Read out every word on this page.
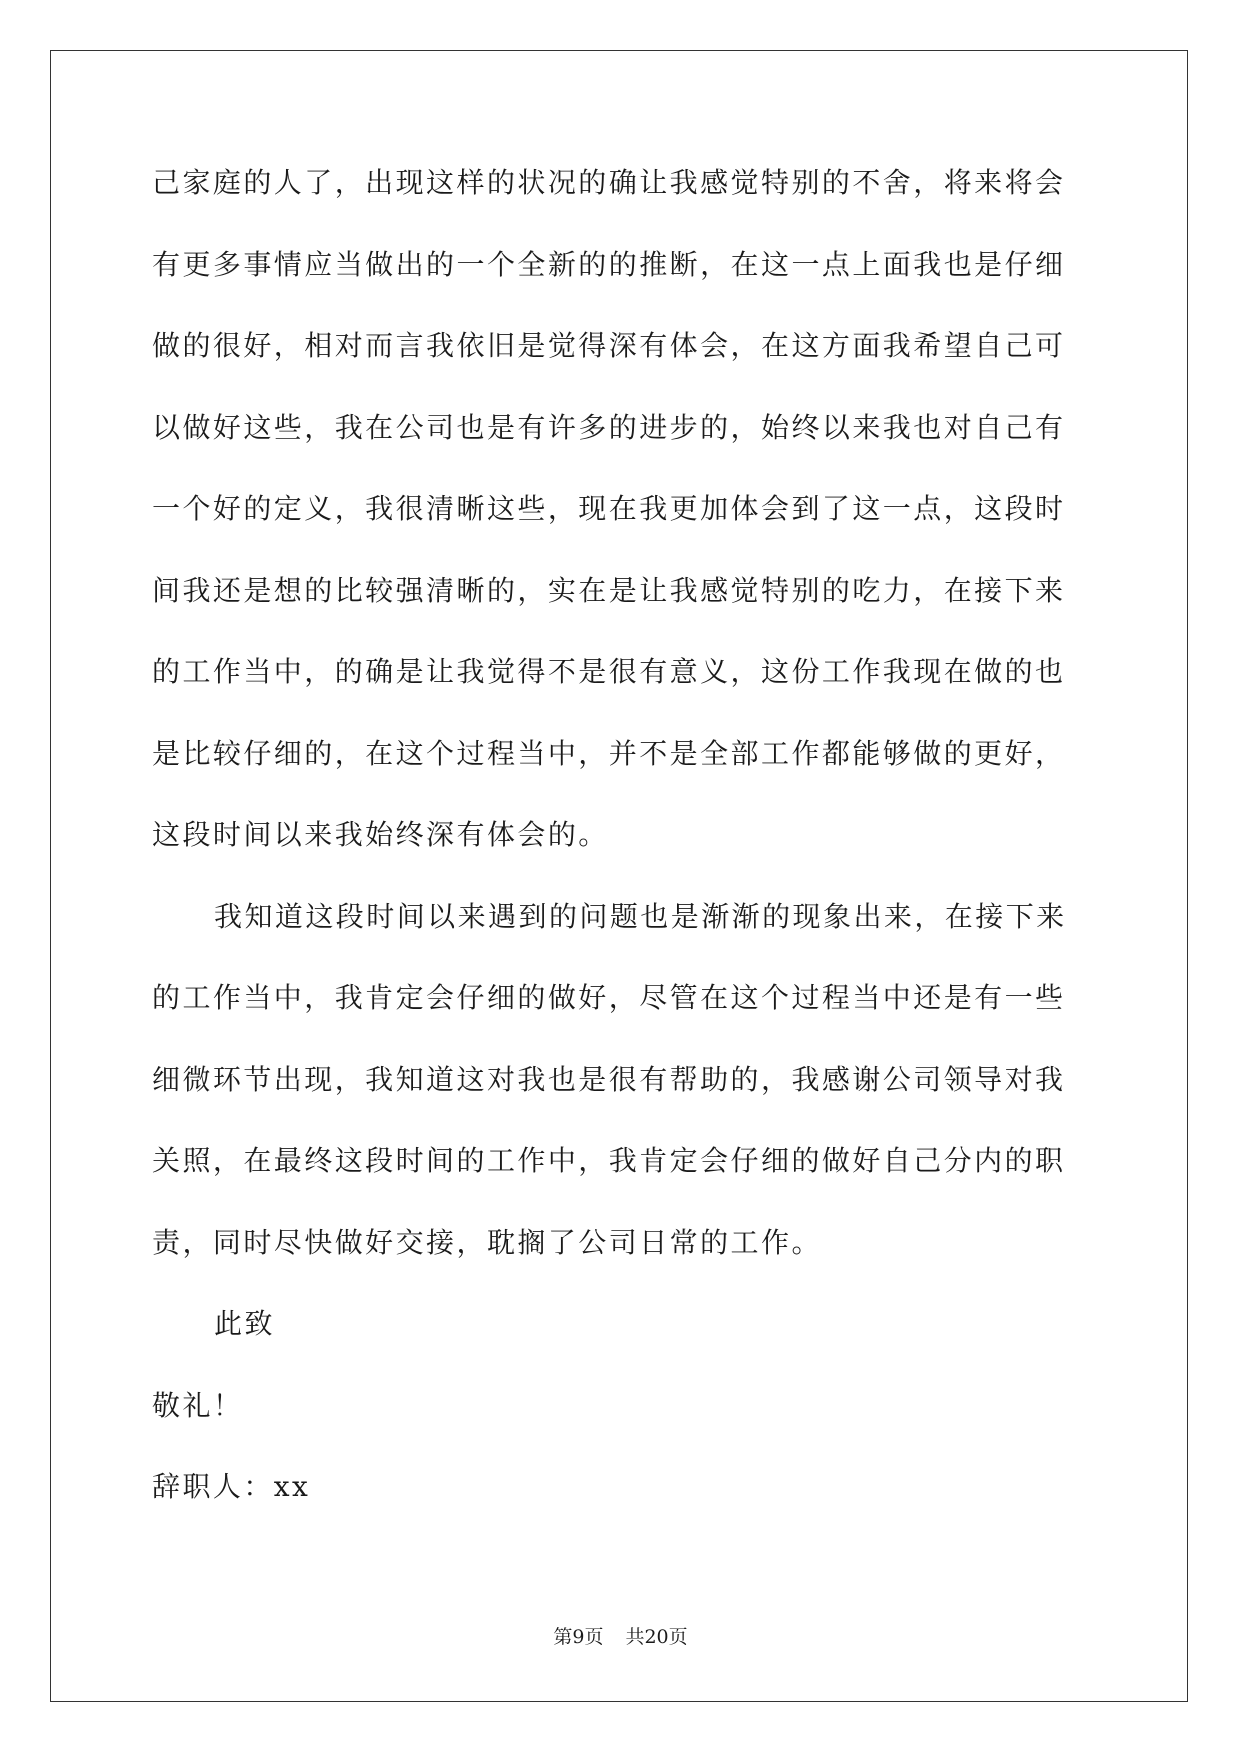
己家庭的人了，出现这样的状况的确让我感觉特别的不舍，将来将会
有更多事情应当做出的一个全新的的推断，在这一点上面我也是仔细
做的很好，相对而言我依旧是觉得深有体会，在这方面我希望自己可
以做好这些，我在公司也是有许多的进步的，始终以来我也对自己有
一个好的定义，我很清晰这些，现在我更加体会到了这一点，这段时
间我还是想的比较强清晰的，实在是让我感觉特别的吃力，在接下来
的工作当中，的确是让我觉得不是很有意义，这份工作我现在做的也
是比较仔细的，在这个过程当中，并不是全部工作都能够做的更好，
这段时间以来我始终深有体会的。
我知道这段时间以来遇到的问题也是渐渐的现象出来，在接下来
的工作当中，我肯定会仔细的做好，尽管在这个过程当中还是有一些
细微环节出现，我知道这对我也是很有帮助的，我感谢公司领导对我
关照，在最终这段时间的工作中，我肯定会仔细的做好自己分内的职
责，同时尽快做好交接，耽搁了公司日常的工作。
此致
敬礼！
辞职人：xx
第9页 共20页
